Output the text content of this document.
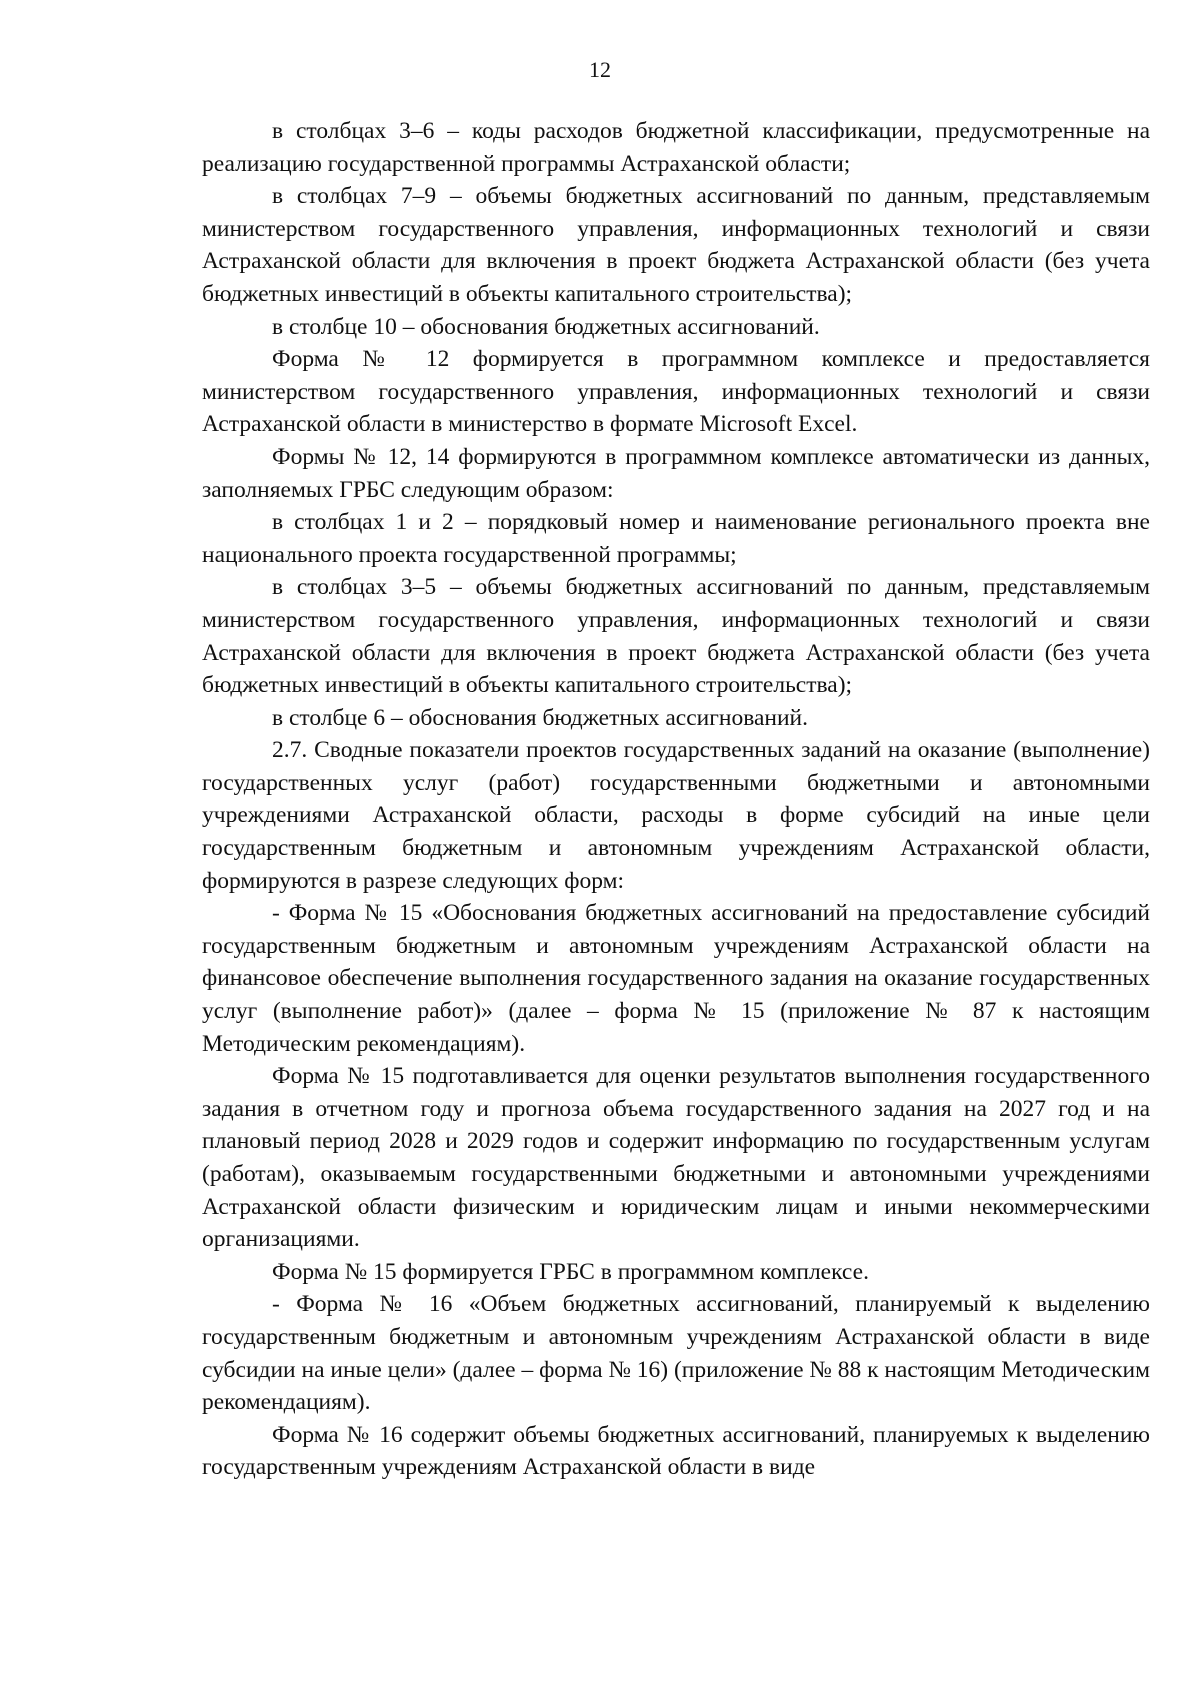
12

в столбцах 3–6 – коды расходов бюджетной классификации, предусмотренные на реализацию государственной программы Астраханской области;

в столбцах 7–9 – объемы бюджетных ассигнований по данным, представляемым министерством государственного управления, информационных технологий и связи Астраханской области для включения в проект бюджета Астраханской области (без учета бюджетных инвестиций в объекты капитального строительства);

в столбце 10 – обоснования бюджетных ассигнований.

Форма № 12 формируется в программном комплексе и предоставляется министерством государственного управления, информационных технологий и связи Астраханской области в министерство в формате Microsoft Excel.

Формы № 12, 14 формируются в программном комплексе автоматически из данных, заполняемых ГРБС следующим образом:

в столбцах 1 и 2 – порядковый номер и наименование регионального проекта вне национального проекта государственной программы;

в столбцах 3–5 – объемы бюджетных ассигнований по данным, представляемым министерством государственного управления, информационных технологий и связи Астраханской области для включения в проект бюджета Астраханской области (без учета бюджетных инвестиций в объекты капитального строительства);

в столбце 6 – обоснования бюджетных ассигнований.

2.7. Сводные показатели проектов государственных заданий на оказание (выполнение) государственных услуг (работ) государственными бюджетными и автономными учреждениями Астраханской области, расходы в форме субсидий на иные цели государственным бюджетным и автономным учреждениям Астраханской области, формируются в разрезе следующих форм:

- Форма № 15 «Обоснования бюджетных ассигнований на предоставление субсидий государственным бюджетным и автономным учреждениям Астраханской области на финансовое обеспечение выполнения государственного задания на оказание государственных услуг (выполнение работ)» (далее – форма № 15 (приложение № 87 к настоящим Методическим рекомендациям).

Форма № 15 подготавливается для оценки результатов выполнения государственного задания в отчетном году и прогноза объема государственного задания на 2027 год и на плановый период 2028 и 2029 годов и содержит информацию по государственным услугам (работам), оказываемым государственными бюджетными и автономными учреждениями Астраханской области физическим и юридическим лицам и иными некоммерческими организациями.

Форма № 15 формируется ГРБС в программном комплексе.

- Форма № 16 «Объем бюджетных ассигнований, планируемый к выделению государственным бюджетным и автономным учреждениям Астраханской области в виде субсидии на иные цели» (далее – форма № 16) (приложение № 88 к настоящим Методическим рекомендациям).

Форма № 16 содержит объемы бюджетных ассигнований, планируемых к выделению государственным учреждениям Астраханской области в виде
